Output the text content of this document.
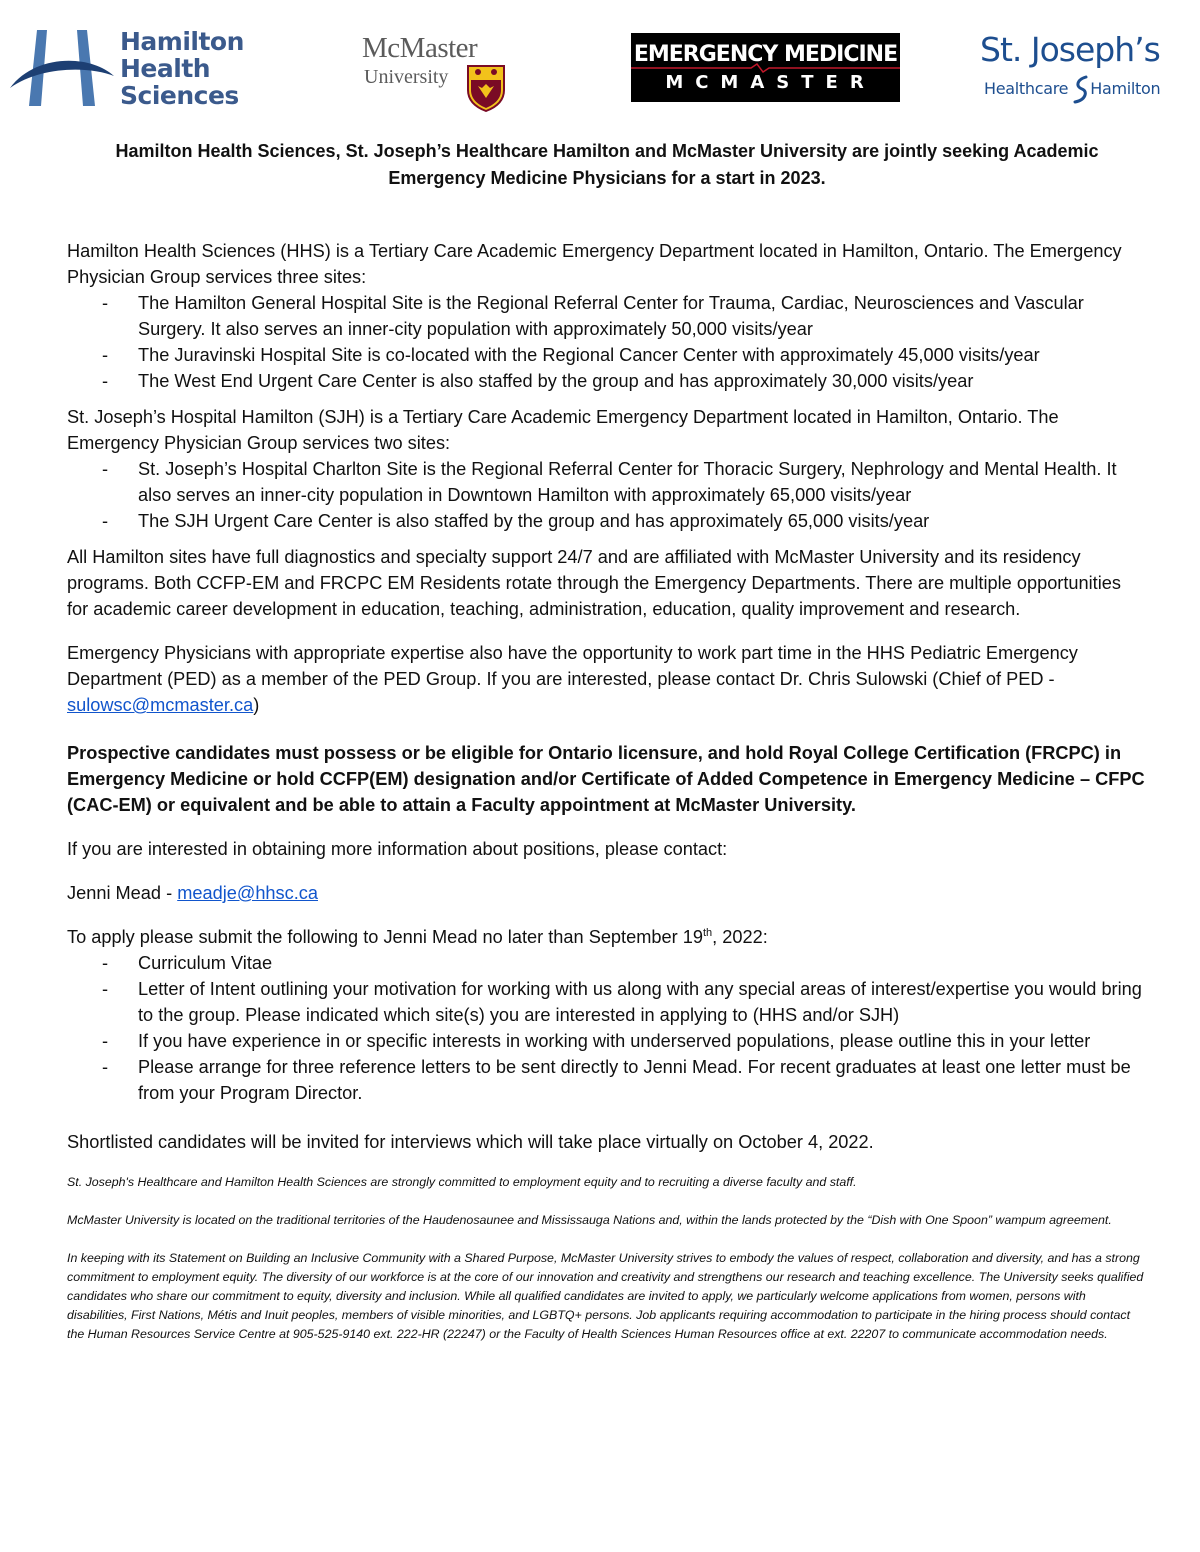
Hamilton
Health
Sciences
McMaster
University
EMERGENCY MEDICINE
MCMASTER
St. Joseph’s
Healthcare Hamilton
Hamilton Health Sciences, St. Joseph’s Healthcare Hamilton and McMaster University are jointly seeking Academic Emergency Medicine Physicians for a start in 2023.

Hamilton Health Sciences (HHS) is a Tertiary Care Academic Emergency Department located in Hamilton, Ontario. The Emergency Physician Group services three sites:

- The Hamilton General Hospital Site is the Regional Referral Center for Trauma, Cardiac, Neurosciences and Vascular Surgery. It also serves an inner-city population with approximately 50,000 visits/year
- The Juravinski Hospital Site is co-located with the Regional Cancer Center with approximately 45,000 visits/year
- The West End Urgent Care Center is also staffed by the group and has approximately 30,000 visits/year

St. Joseph’s Hospital Hamilton (SJH) is a Tertiary Care Academic Emergency Department located in Hamilton, Ontario. The Emergency Physician Group services two sites:

- St. Joseph’s Hospital Charlton Site is the Regional Referral Center for Thoracic Surgery, Nephrology and Mental Health. It also serves an inner-city population in Downtown Hamilton with approximately 65,000 visits/year
- The SJH Urgent Care Center is also staffed by the group and has approximately 65,000 visits/year

All Hamilton sites have full diagnostics and specialty support 24/7 and are affiliated with McMaster University and its residency programs. Both CCFP-EM and FRCPC EM Residents rotate through the Emergency Departments. There are multiple opportunities for academic career development in education, teaching, administration, education, quality improvement and research.

Emergency Physicians with appropriate expertise also have the opportunity to work part time in the HHS Pediatric Emergency Department (PED) as a member of the PED Group. If you are interested, please contact Dr. Chris Sulowski (Chief of PED - sulowsc@mcmaster.ca)

Prospective candidates must possess or be eligible for Ontario licensure, and hold Royal College Certification (FRCPC) in Emergency Medicine or hold CCFP(EM) designation and/or Certificate of Added Competence in Emergency Medicine – CFPC (CAC-EM) or equivalent and be able to attain a Faculty appointment at McMaster University.

If you are interested in obtaining more information about positions, please contact:

Jenni Mead - meadje@hhsc.ca

To apply please submit the following to Jenni Mead no later than September 19th, 2022:

- Curriculum Vitae
- Letter of Intent outlining your motivation for working with us along with any special areas of interest/expertise you would bring to the group. Please indicated which site(s) you are interested in applying to (HHS and/or SJH)
- If you have experience in or specific interests in working with underserved populations, please outline this in your letter
- Please arrange for three reference letters to be sent directly to Jenni Mead. For recent graduates at least one letter must be from your Program Director.

Shortlisted candidates will be invited for interviews which will take place virtually on October 4, 2022.

St. Joseph's Healthcare and Hamilton Health Sciences are strongly committed to employment equity and to recruiting a diverse faculty and staff.

McMaster University is located on the traditional territories of the Haudenosaunee and Mississauga Nations and, within the lands protected by the “Dish with One Spoon” wampum agreement.

In keeping with its Statement on Building an Inclusive Community with a Shared Purpose, McMaster University strives to embody the values of respect, collaboration and diversity, and has a strong commitment to employment equity. The diversity of our workforce is at the core of our innovation and creativity and strengthens our research and teaching excellence. The University seeks qualified candidates who share our commitment to equity, diversity and inclusion. While all qualified candidates are invited to apply, we particularly welcome applications from women, persons with disabilities, First Nations, Métis and Inuit peoples, members of visible minorities, and LGBTQ+ persons. Job applicants requiring accommodation to participate in the hiring process should contact the Human Resources Service Centre at 905-525-9140 ext. 222-HR (22247) or the Faculty of Health Sciences Human Resources office at ext. 22207 to communicate accommodation needs.
